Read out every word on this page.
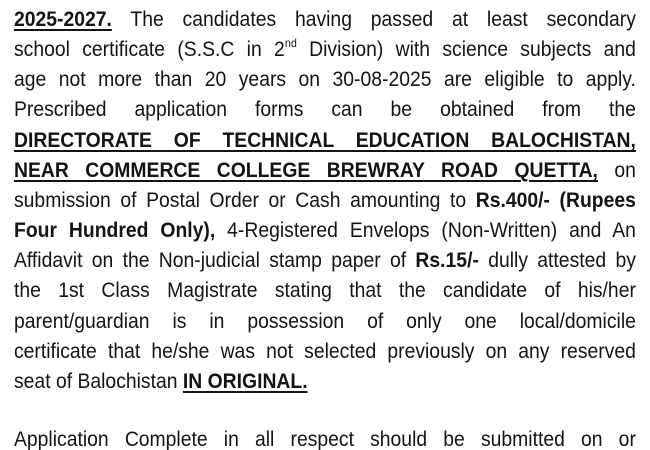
2025-2027. The candidates having passed at least secondary
school certificate (S.S.C in 2nd Division) with science subjects and
age not more than 20 years on 30-08-2025 are eligible to apply.
Prescribed application forms can be obtained from the
DIRECTORATE OF TECHNICAL EDUCATION BALOCHISTAN,
NEAR COMMERCE COLLEGE BREWRAY ROAD QUETTA, on
submission of Postal Order or Cash amounting to Rs.400/- (Rupees
Four Hundred Only), 4-Registered Envelops (Non-Written) and An
Affidavit on the Non-judicial stamp paper of Rs.15/- dully attested by
the 1st Class Magistrate stating that the candidate of his/her
parent/guardian is in possession of only one local/domicile
certificate that he/she was not selected previously on any reserved
seat of Balochistan IN ORIGINAL.
Application Complete in all respect should be submitted on or
